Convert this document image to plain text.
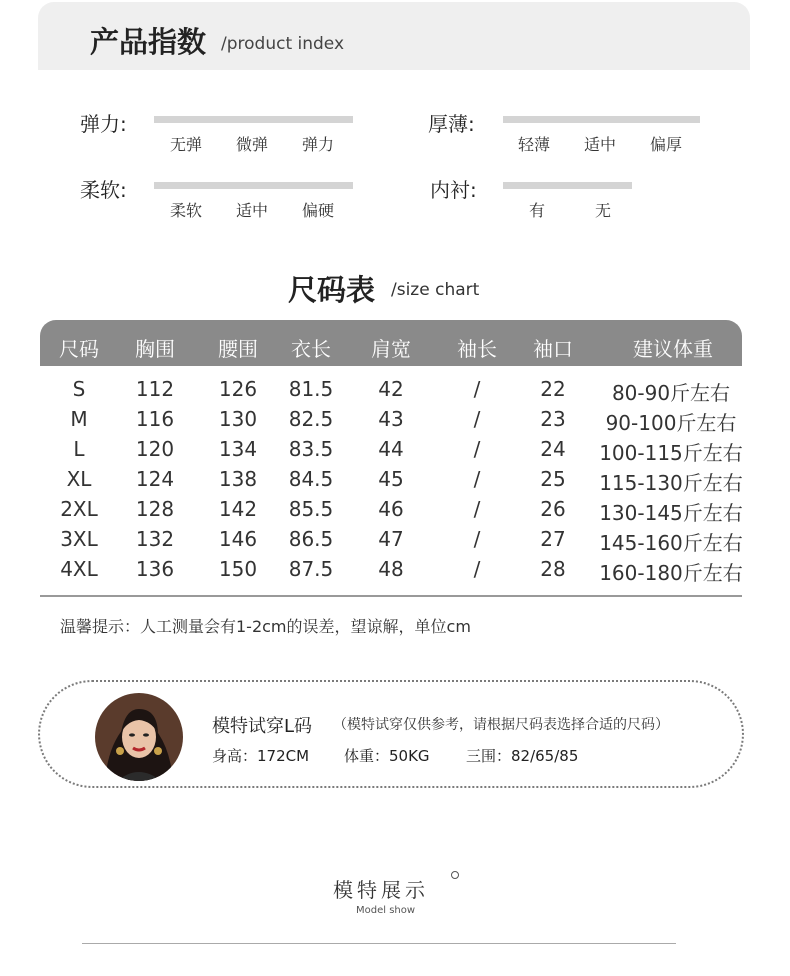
产品指数 /product index
弹力:
无弹 微弹 弹力
厚薄:
轻薄 适中 偏厚
柔软:
柔软 适中 偏硬
内衬:
有	无
尺码表 /size chart
尺码 胸围 腰围 衣长 肩宽 袖长 袖口	建议体重
S	112 126 81.5 42	/	22 80-90斤左右
M 116 130 82.5 43	/	23 90-100斤左右
L	120 134 83.5 44	/	24 100-115斤左右
XL 124 138 84.5 45	/	25 115-130斤左右
2XL 128 142 85.5 46	/	26 130-145斤左右
3XL 132 146 86.5 47	/	27 145-160斤左右
4XL 136 150 87.5 48	/	28 160-180斤左右
温馨提示：人工测量会有1-2cm的误差，望谅解，单位cm
模特试穿L码 （模特试穿仅供参考，请根据尺码表选择合适的尺码）
身高：172CM 体重：50KG 三围：82/65/85
模特展示
Model show
